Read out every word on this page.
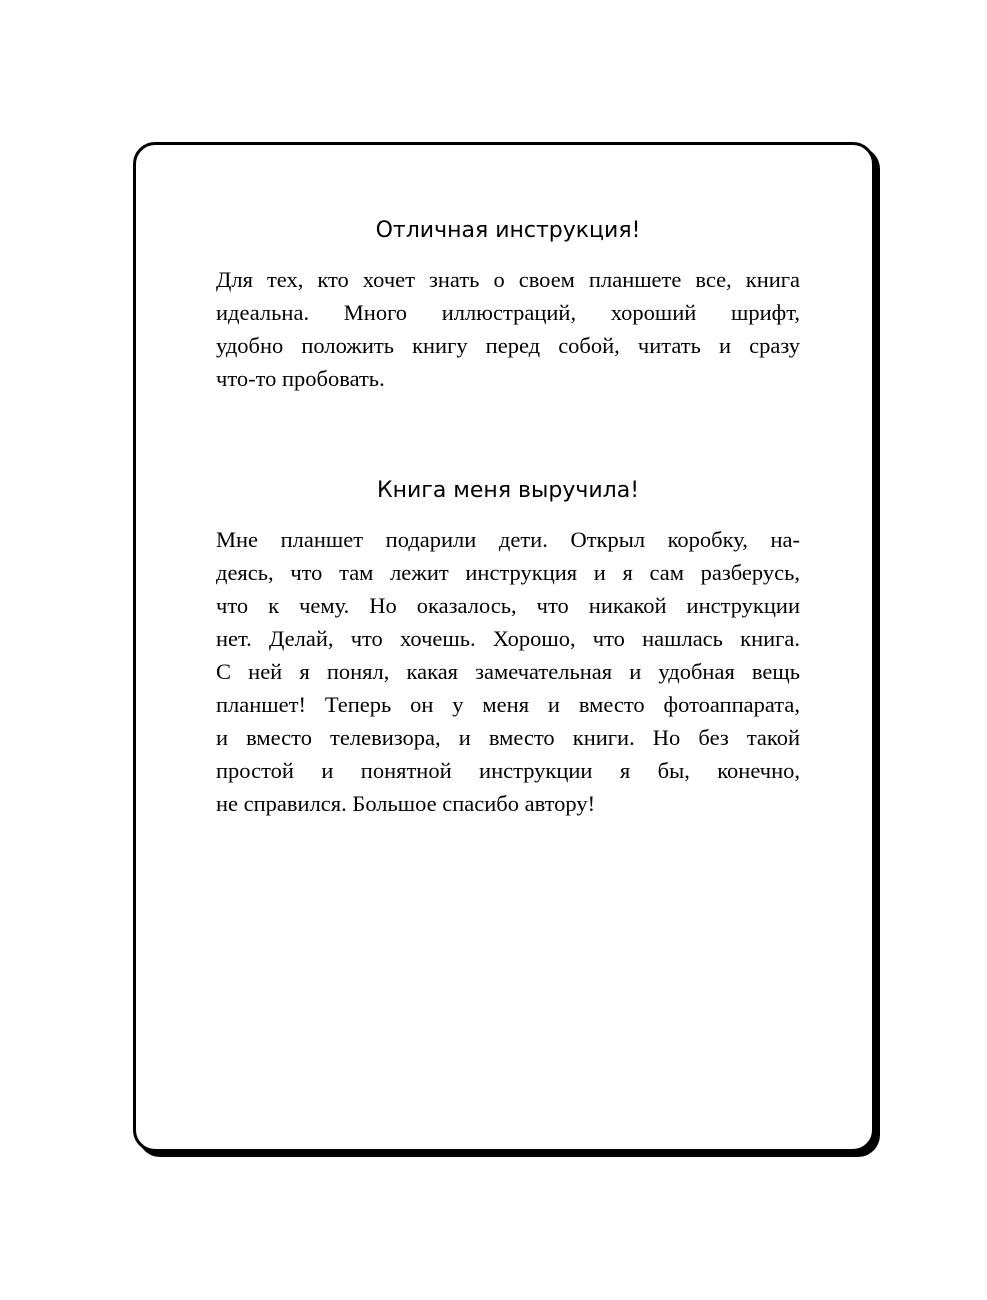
Отличная инструкция!

Для тех, кто хочет знать о своем планшете все, книга
идеальна. Много иллюстраций, хороший шрифт,
удобно положить книгу перед собой, читать и сразу
что-то пробовать.

Книга меня выручила!

Мне планшет подарили дети. Открыл коробку, на-
деясь, что там лежит инструкция и я сам разберусь,
что к чему. Но оказалось, что никакой инструкции
нет. Делай, что хочешь. Хорошо, что нашлась книга.
С ней я понял, какая замечательная и удобная вещь
планшет! Теперь он у меня и вместо фотоаппарата,
и вместо телевизора, и вместо книги. Но без такой
простой и понятной инструкции я бы, конечно,
не справился. Большое спасибо автору!
